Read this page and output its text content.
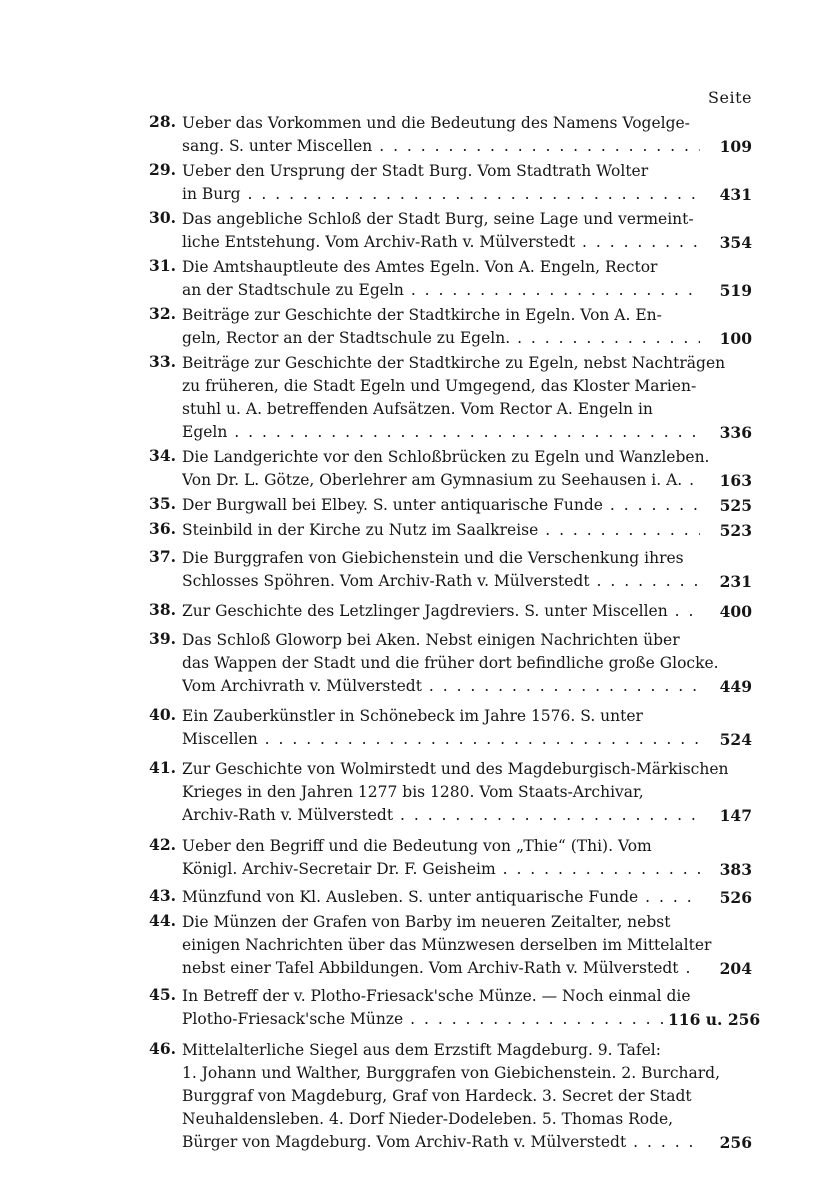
Seite
28. Ueber das Vorkommen und die Bedeutung des Namens Vogelge-
sang. S. unter Miscellen . . .	109
29. Ueber den Ursprung der Stadt Burg. Vom Stadtrath Wolter
in Burg . . .	431
30. Das angebliche Schloß der Stadt Burg, seine Lage und vermeint-
liche Entstehung. Vom Archiv-Rath v. Mülverstedt . . .	354
31. Die Amtshauptleute des Amtes Egeln. Von A. Engeln, Rector
an der Stadtschule zu Egeln . . .	519
32. Beiträge zur Geschichte der Stadtkirche in Egeln. Von A. En-
geln, Rector an der Stadtschule zu Egeln. . . .	100
33. Beiträge zur Geschichte der Stadtkirche zu Egeln, nebst Nachträgen
zu früheren, die Stadt Egeln und Umgegend, das Kloster Marien-
stuhl u. A. betreffenden Aufsätzen. Vom Rector A. Engeln in
Egeln . . .	336
34. Die Landgerichte vor den Schloßbrücken zu Egeln und Wanzleben.
Von Dr. L. Götze, Oberlehrer am Gymnasium zu Seehausen i. A. . . .	163
35. Der Burgwall bei Elbey. S. unter antiquarische Funde . . .	525
36. Steinbild in der Kirche zu Nutz im Saalkreise . . .	523
37. Die Burggrafen von Giebichenstein und die Verschenkung ihres
Schlosses Spöhren. Vom Archiv-Rath v. Mülverstedt . . .	231
38. Zur Geschichte des Letzlinger Jagdreviers. S. unter Miscellen . . .	400
39. Das Schloß Gloworp bei Aken. Nebst einigen Nachrichten über
das Wappen der Stadt und die früher dort befindliche große Glocke.
Vom Archivrath v. Mülverstedt . . .	449
40. Ein Zauberkünstler in Schönebeck im Jahre 1576. S. unter
Miscellen . . .	524
41. Zur Geschichte von Wolmirstedt und des Magdeburgisch-Märkischen
Krieges in den Jahren 1277 bis 1280. Vom Staats-Archivar,
Archiv-Rath v. Mülverstedt . . .	147
42. Ueber den Begriff und die Bedeutung von „Thie“ (Thi). Vom
Königl. Archiv-Secretair Dr. F. Geisheim . . .	383
43. Münzfund von Kl. Ausleben. S. unter antiquarische Funde . . .	526
44. Die Münzen der Grafen von Barby im neueren Zeitalter, nebst
einigen Nachrichten über das Münzwesen derselben im Mittelalter
nebst einer Tafel Abbildungen. Vom Archiv-Rath v. Mülverstedt . . .	204
45. In Betreff der v. Plotho-Friesack'sche Münze. — Noch einmal die
Plotho-Friesack'sche Münze . . .	116 u. 256
46. Mittelalterliche Siegel aus dem Erzstift Magdeburg. 9. Tafel:
1. Johann und Walther, Burggrafen von Giebichenstein. 2. Burchard,
Burggraf von Magdeburg, Graf von Hardeck. 3. Secret der Stadt
Neuhaldensleben. 4. Dorf Nieder-Dodeleben. 5. Thomas Rode,
Bürger von Magdeburg. Vom Archiv-Rath v. Mülverstedt . . .	256
